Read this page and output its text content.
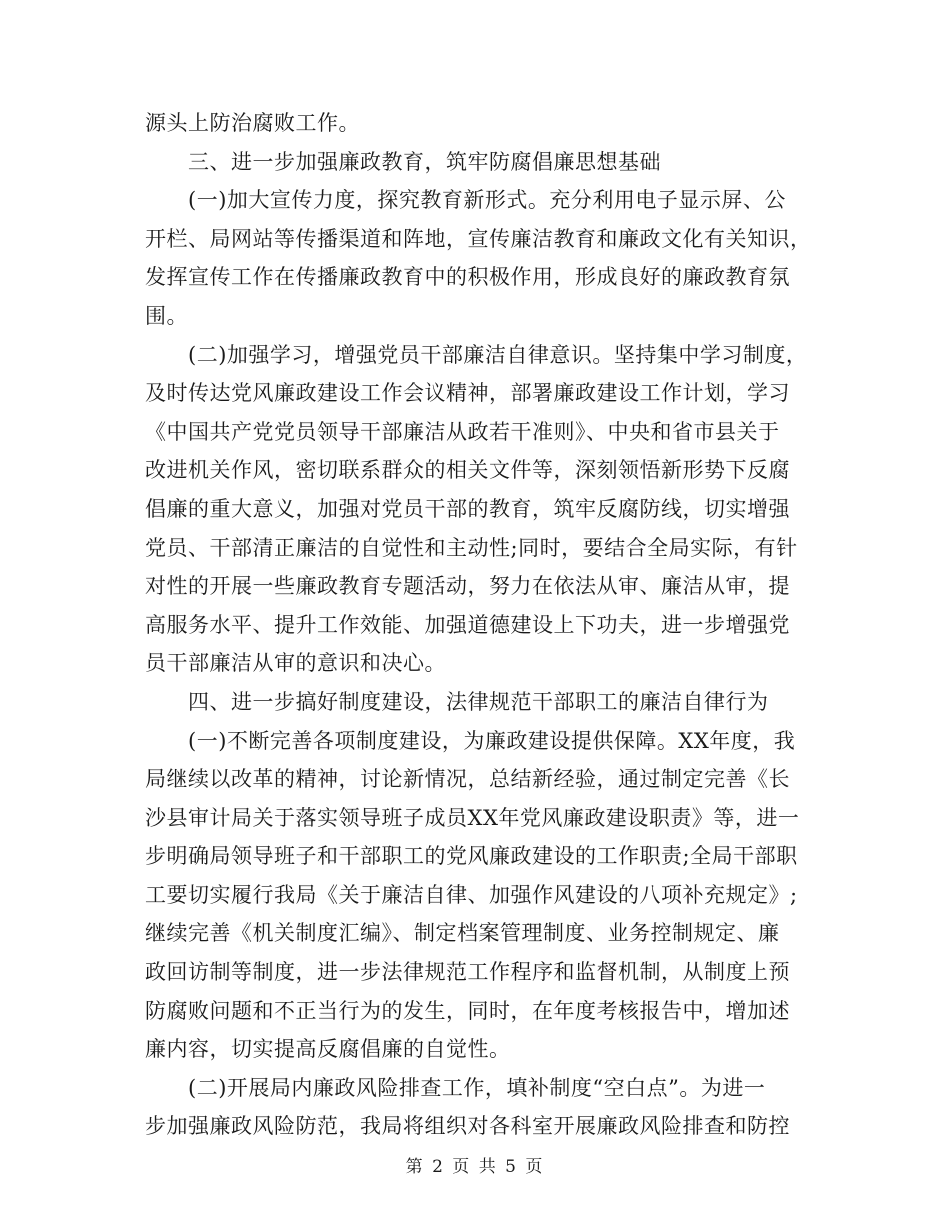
源头上防治腐败工作。
三、进一步加强廉政教育，筑牢防腐倡廉思想基础
(一)加大宣传力度，探究教育新形式。充分利用电子显示屏、公
开栏、局网站等传播渠道和阵地，宣传廉洁教育和廉政文化有关知识，
发挥宣传工作在传播廉政教育中的积极作用，形成良好的廉政教育氛
围。
(二)加强学习，增强党员干部廉洁自律意识。坚持集中学习制度，
及时传达党风廉政建设工作会议精神，部署廉政建设工作计划，学习
《中国共产党党员领导干部廉洁从政若干准则》、中央和省市县关于
改进机关作风，密切联系群众的相关文件等，深刻领悟新形势下反腐
倡廉的重大意义，加强对党员干部的教育，筑牢反腐防线，切实增强
党员、干部清正廉洁的自觉性和主动性;同时，要结合全局实际，有针
对性的开展一些廉政教育专题活动，努力在依法从审、廉洁从审，提
高服务水平、提升工作效能、加强道德建设上下功夫，进一步增强党
员干部廉洁从审的意识和决心。
四、进一步搞好制度建设，法律规范干部职工的廉洁自律行为
(一)不断完善各项制度建设，为廉政建设提供保障。XX年度，我
局继续以改革的精神，讨论新情况，总结新经验，通过制定完善《长
沙县审计局关于落实领导班子成员XX年党风廉政建设职责》等，进一
步明确局领导班子和干部职工的党风廉政建设的工作职责;全局干部职
工要切实履行我局《关于廉洁自律、加强作风建设的八项补充规定》;
继续完善《机关制度汇编》、制定档案管理制度、业务控制规定、廉
政回访制等制度，进一步法律规范工作程序和监督机制，从制度上预
防腐败问题和不正当行为的发生，同时，在年度考核报告中，增加述
廉内容，切实提高反腐倡廉的自觉性。
(二)开展局内廉政风险排查工作，填补制度“空白点”。为进一
步加强廉政风险防范，我局将组织对各科室开展廉政风险排查和防控
第 2 页 共 5 页
